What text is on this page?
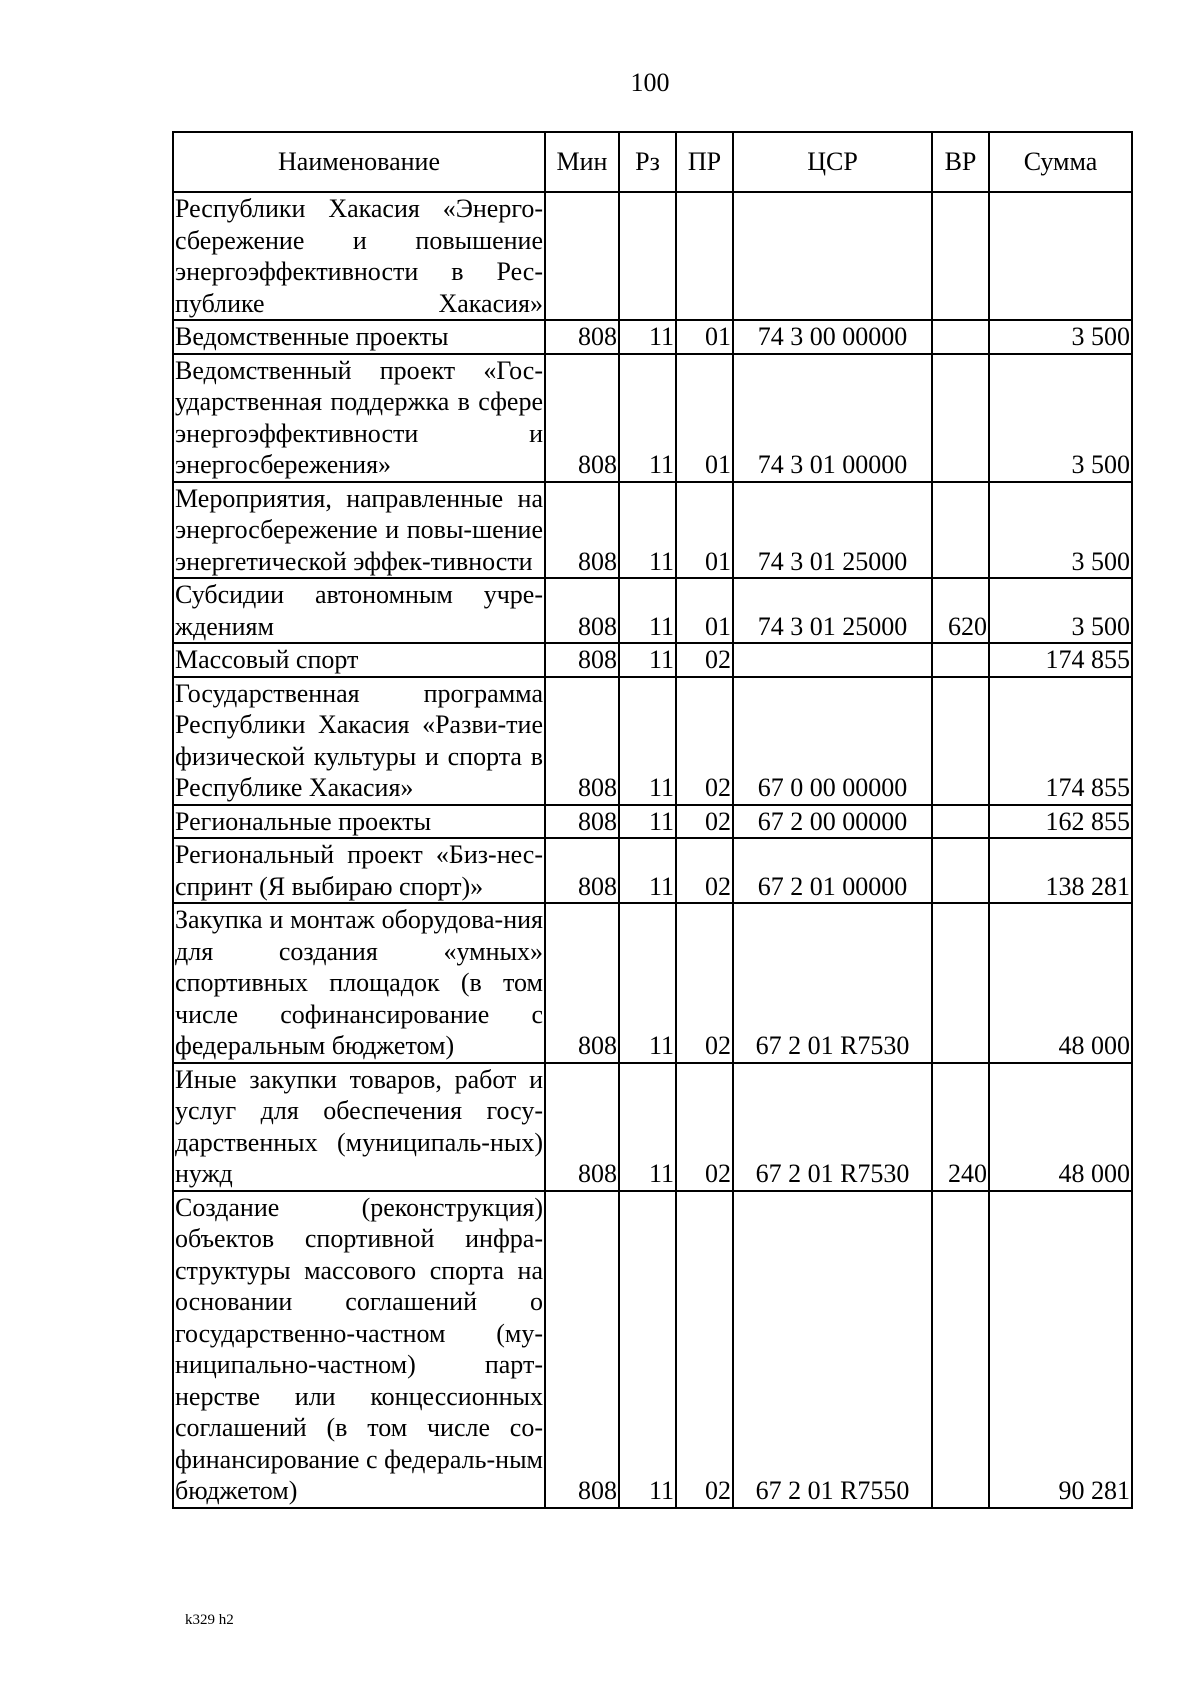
100
Наименование	Мин	Рз	ПР	ЦСР	ВР	Сумма
Республики Хакасия «Энерго-сбережение и повышение энергоэффективности в Рес-публике Хакасия»						
Ведомственные проекты	808	11	01	74 3 00 00000		3 500
Ведомственный проект «Гос-ударственная поддержка в сфере энергоэффективности и энергосбережения»	808	11	01	74 3 01 00000		3 500
Мероприятия, направленные на энергосбережение и повы-шение энергетической эффек-тивности	808	11	01	74 3 01 25000		3 500
Субсидии автономным учре-ждениям	808	11	01	74 3 01 25000	620	3 500
Массовый спорт	808	11	02			174 855
Государственная программа Республики Хакасия «Разви-тие физической культуры и спорта в Республике Хакасия»	808	11	02	67 0 00 00000		174 855
Региональные проекты	808	11	02	67 2 00 00000		162 855
Региональный проект «Биз-нес-спринт (Я выбираю спорт)»	808	11	02	67 2 01 00000		138 281
Закупка и монтаж оборудова-ния для создания «умных» спортивных площадок (в том числе софинансирование с федеральным бюджетом)	808	11	02	67 2 01 R7530		48 000
Иные закупки товаров, работ и услуг для обеспечения госу-дарственных (муниципаль-ных) нужд	808	11	02	67 2 01 R7530	240	48 000
Создание (реконструкция) объектов спортивной инфра-структуры массового спорта на основании соглашений о государственно-частном (му-ниципально-частном) парт-нерстве или концессионных соглашений (в том числе со-финансирование с федераль-ным бюджетом)	808	11	02	67 2 01 R7550		90 281
k329 h2
